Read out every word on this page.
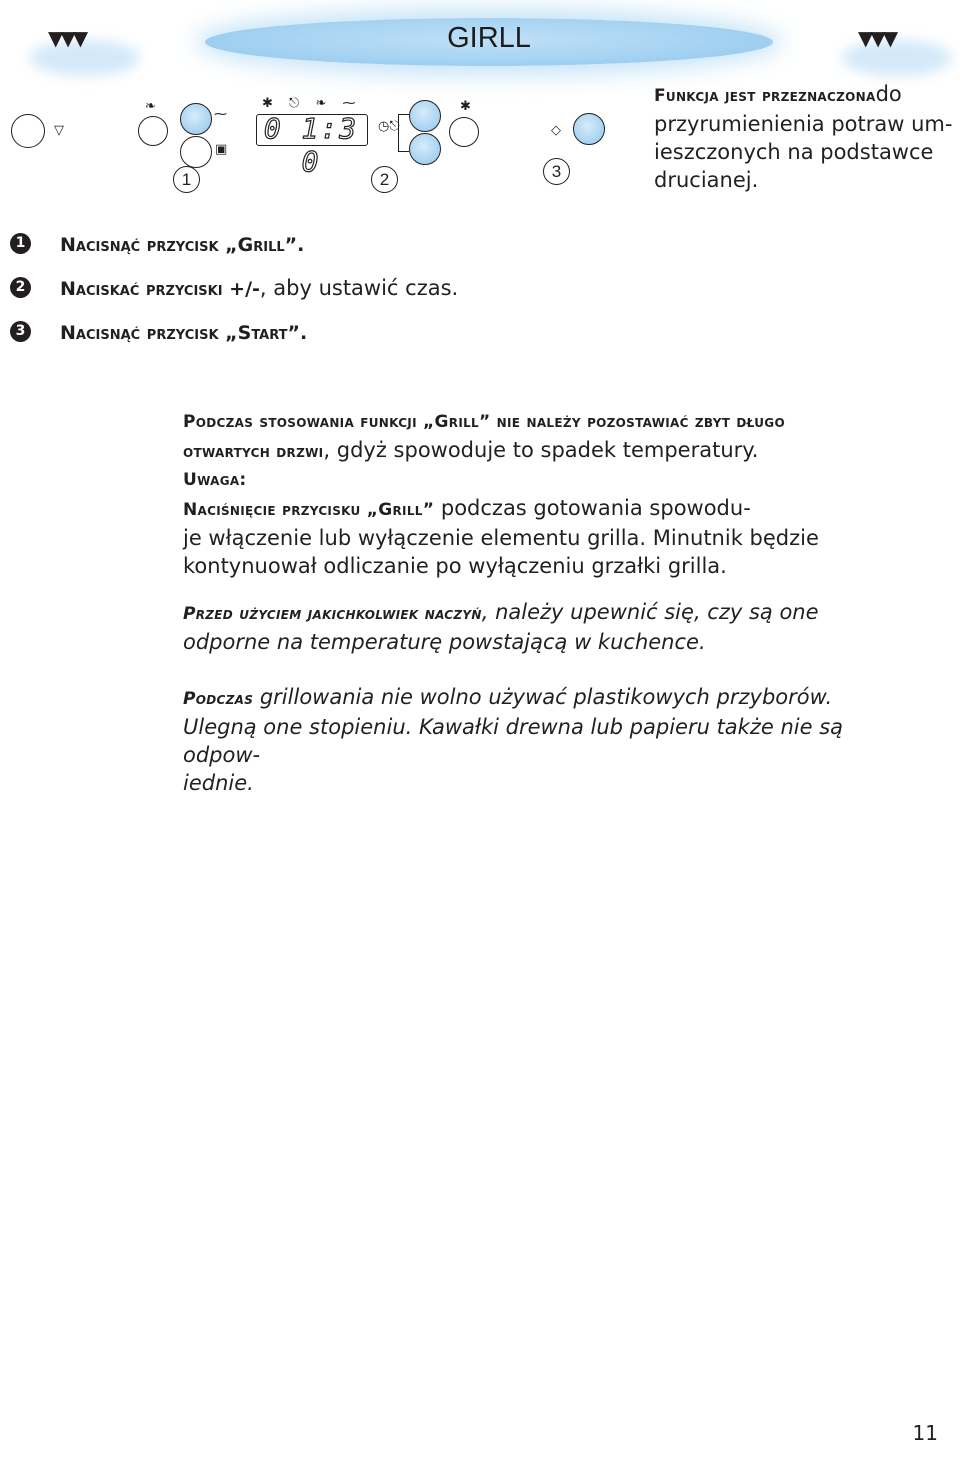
▼▼▼	▼▼▼
GIRLL
▽
❧
⁓
▣
✱ ⎋ ❧ ⁓
0 1:3 0
◷⎋
✱
◇
1	2	3
Funkcja jest przeznaczonado
przyrumienienia potraw um-
ieszczonych na podstawce
drucianej.
1 Nacisnąć przycisk „Grill”.
2 Naciskać przyciski +/-, aby ustawić czas.
3 Nacisnąć przycisk „Start”.
Podczas stosowania funkcji „Grill” nie należy pozostawiać zbyt długo
otwartych drzwi, gdyż spowoduje to spadek temperatury.
Uwaga:
Naciśnięcie przycisku „Grill” podczas gotowania spowodu-
je włączenie lub wyłączenie elementu grilla. Minutnik będzie
kontynuował odliczanie po wyłączeniu grzałki grilla.
Przed użyciem jakichkolwiek naczyń, należy upewnić się, czy są one
odporne na temperaturę powstającą w kuchence.
Podczas grillowania nie wolno używać plastikowych przyborów.
Ulegną one stopieniu. Kawałki drewna lub papieru także nie są odpow-
iednie.
11
